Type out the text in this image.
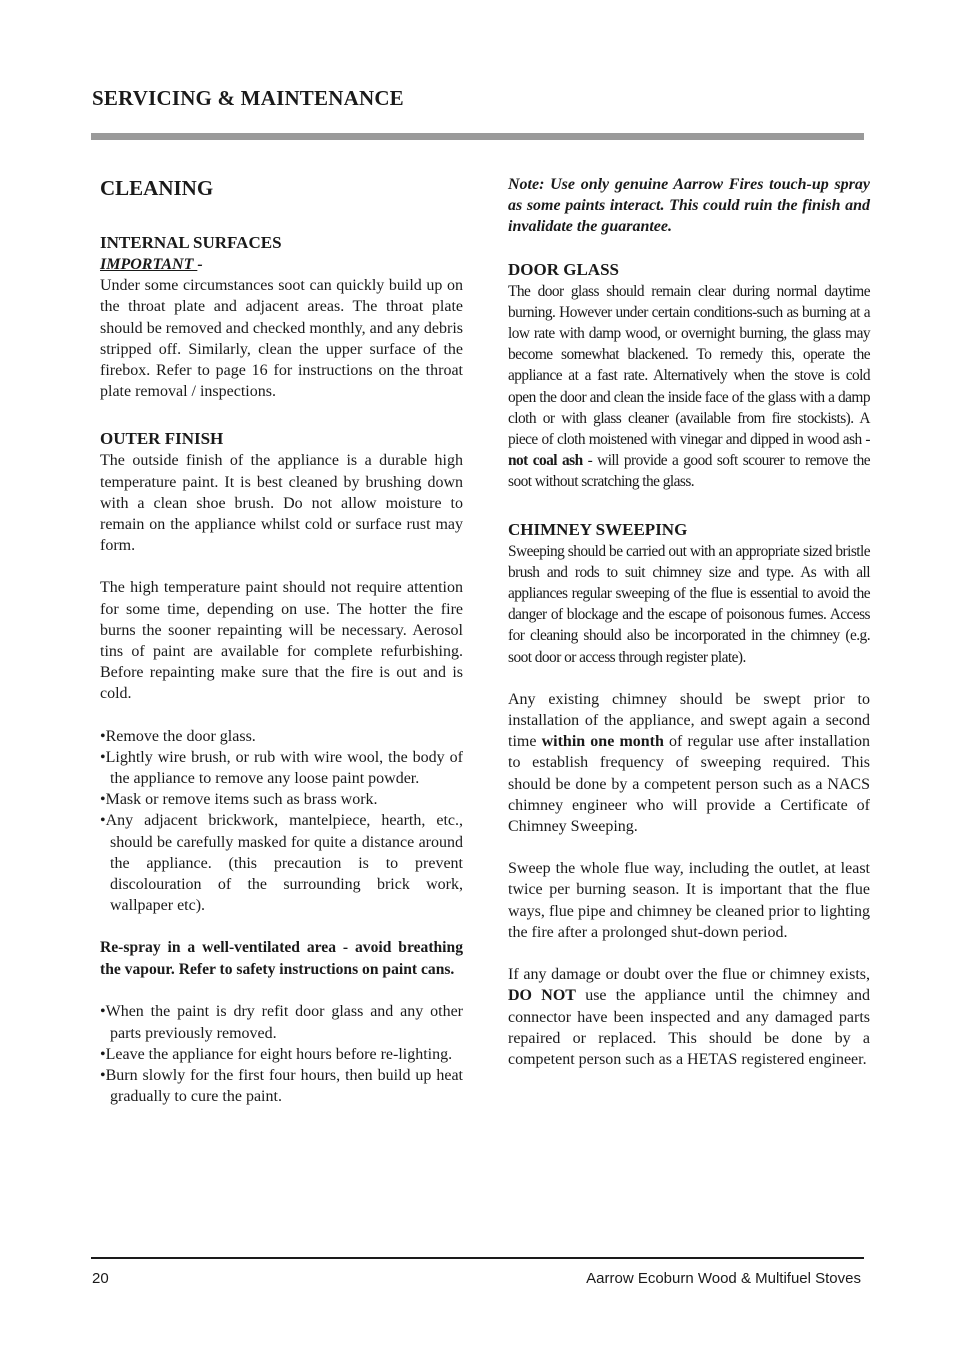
SERVICING & MAINTENANCE
CLEANING
INTERNAL SURFACES
IMPORTANT -

Under some circumstances soot can quickly build up on the throat plate and adjacent areas. The throat plate should be removed and checked monthly, and any debris stripped off. Similarly, clean the upper surface of the firebox. Refer to page 16 for instructions on the throat plate removal / inspections.

OUTER FINISH

The outside finish of the appliance is a durable high temperature paint. It is best cleaned by brushing down with a clean shoe brush. Do not allow moisture to remain on the appliance whilst cold or surface rust may form.

The high temperature paint should not require attention for some time, depending on use. The hotter the fire burns the sooner repainting will be necessary. Aerosol tins of paint are available for complete refurbishing. Before repainting make sure that the fire is out and is cold.

•Remove the door glass.
•Lightly wire brush, or rub with wire wool, the body of the appliance to remove any loose paint powder.
•Mask or remove items such as brass work.
•Any adjacent brickwork, mantelpiece, hearth, etc., should be carefully masked for quite a distance around the appliance. (this precaution is to prevent discolouration of the surrounding brick work, wallpaper etc).

Re-spray in a well-ventilated area - avoid breathing the vapour. Refer to safety instructions on paint cans.

•When the paint is dry refit door glass and any other parts previously removed.
•Leave the appliance for eight hours before re-lighting.
•Burn slowly for the first four hours, then build up heat gradually to cure the paint.

Note: Use only genuine Aarrow Fires touch-up spray as some paints interact. This could ruin the finish and invalidate the guarantee.

DOOR GLASS

The door glass should remain clear during normal daytime burning. However under certain conditions-such as burning at a low rate with damp wood, or overnight burning, the glass may become somewhat blackened. To remedy this, operate the appliance at a fast rate. Alternatively when the stove is cold open the door and clean the inside face of the glass with a damp cloth or with glass cleaner (available from fire stockists). A piece of cloth moistened with vinegar and dipped in wood ash - not coal ash - will provide a good soft scourer to remove the soot without scratching the glass.

CHIMNEY SWEEPING

Sweeping should be carried out with an appropriate sized bristle brush and rods to suit chimney size and type. As with all appliances regular sweeping of the flue is essential to avoid the danger of blockage and the escape of poisonous fumes. Access for cleaning should also be incorporated in the chimney (e.g. soot door or access through register plate).

Any existing chimney should be swept prior to installation of the appliance, and swept again a second time within one month of regular use after installation to establish frequency of sweeping required. This should be done by a competent person such as a NACS chimney engineer who will provide a Certificate of Chimney Sweeping.

Sweep the whole flue way, including the outlet, at least twice per burning season. It is important that the flue ways, flue pipe and chimney be cleaned prior to lighting the fire after a prolonged shut-down period.

If any damage or doubt over the flue or chimney exists, DO NOT use the appliance until the chimney and connector have been inspected and any damaged parts repaired or replaced. This should be done by a competent person such as a HETAS registered engineer.

20	Aarrow Ecoburn Wood & Multifuel Stoves
